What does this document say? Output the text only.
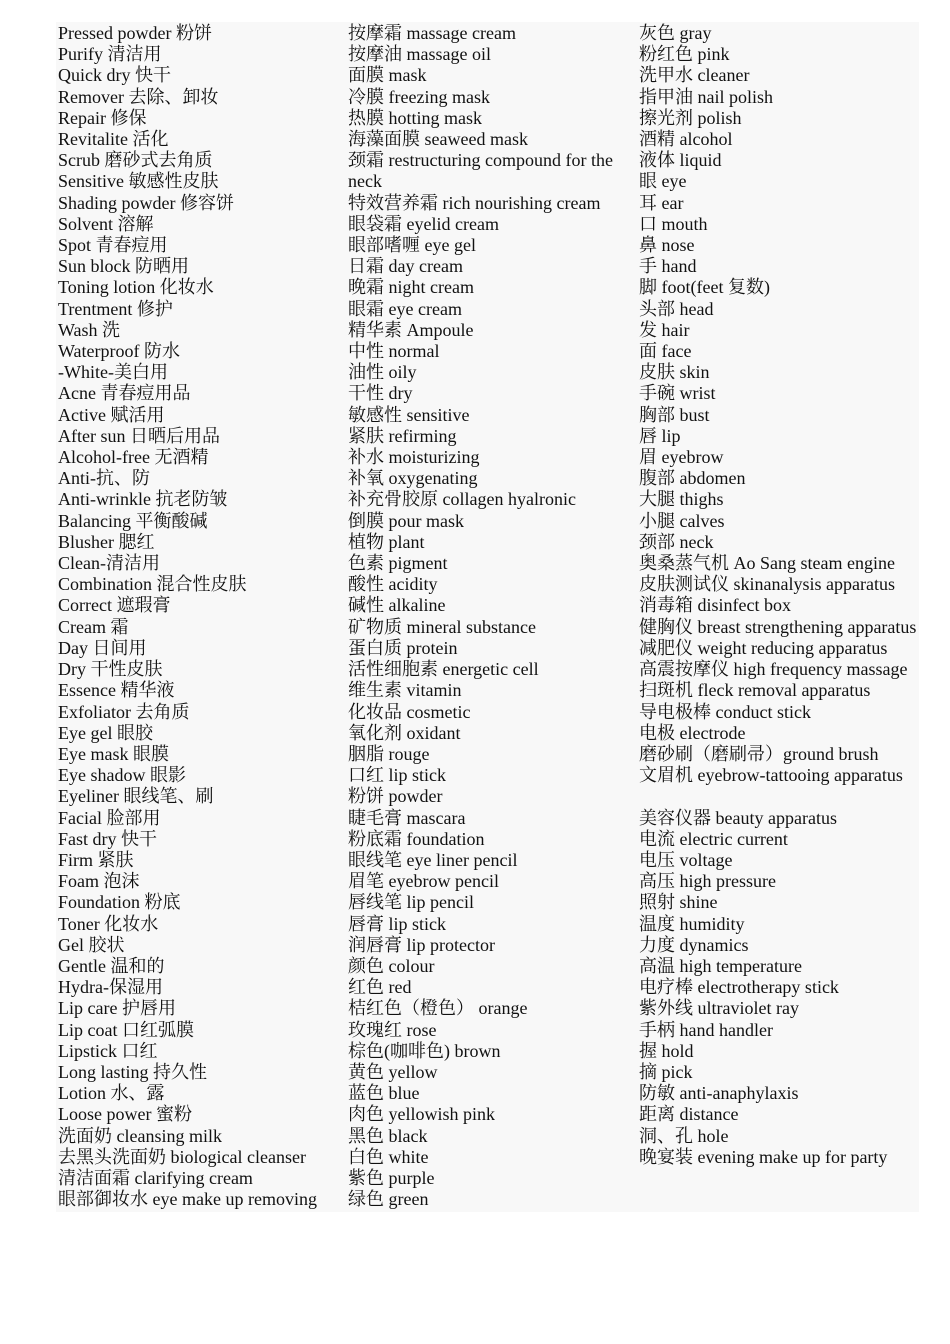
Pressed powder 粉饼
Purify 清洁用
Quick dry 快干
Remover 去除、卸妆
Repair 修保
Revitalite 活化
Scrub 磨砂式去角质
Sensitive 敏感性皮肤
Shading powder 修容饼
Solvent 溶解
Spot 青春痘用
Sun block 防晒用
Toning lotion 化妆水
Trentment 修护
Wash 洗
Waterproof 防水
-White-美白用
Acne 青春痘用品
Active 赋活用
After sun 日晒后用品
Alcohol-free 无酒精
Anti-抗、防
Anti-wrinkle 抗老防皱
Balancing 平衡酸碱
Blusher 腮红
Clean-清洁用
Combination 混合性皮肤
Correct 遮瑕膏
Cream 霜
Day 日间用
Dry 干性皮肤
Essence 精华液
Exfoliator 去角质
Eye gel 眼胶
Eye mask 眼膜
Eye shadow 眼影
Eyeliner 眼线笔、刷
Facial 脸部用
Fast dry 快干
Firm 紧肤
Foam 泡沫
Foundation 粉底
Toner 化妆水
Gel 胶状
Gentle 温和的
Hydra-保湿用
Lip care 护唇用
Lip coat 口红弧膜
Lipstick 口红
Long lasting 持久性
Lotion 水、露
Loose power 蜜粉
洗面奶 cleansing milk
去黑头洗面奶 biological cleanser
清洁面霜 clarifying cream
眼部御妆水 eye make up removing
按摩霜 massage cream
按摩油 massage oil
面膜 mask
冷膜 freezing mask
热膜 hotting mask
海藻面膜 seaweed mask
颈霜 restructuring compound for the neck
特效营养霜 rich nourishing cream
眼袋霜 eyelid cream
眼部嗜喱 eye gel
日霜 day cream
晚霜 night cream
眼霜 eye cream
精华素 Ampoule
中性 normal
油性 oily
干性 dry
敏感性 sensitive
紧肤 refirming
补水 moisturizing
补氧 oxygenating
补充骨胶原 collagen hyalronic
倒膜 pour mask
植物 plant
色素 pigment
酸性 acidity
碱性 alkaline
矿物质 mineral substance
蛋白质 protein
活性细胞素 energetic cell
维生素 vitamin
化妆品 cosmetic
氧化剂 oxidant
胭脂 rouge
口红 lip stick
粉饼 powder
睫毛膏 mascara
粉底霜 foundation
眼线笔 eye liner pencil
眉笔 eyebrow pencil
唇线笔 lip pencil
唇膏 lip stick
润唇膏 lip protector
颜色 colour
红色 red
桔红色（橙色） orange
玫瑰红 rose
棕色(咖啡色) brown
黄色 yellow
蓝色 blue
肉色 yellowish pink
黑色 black
白色 white
紫色 purple
绿色 green
灰色 gray
粉红色 pink
洗甲水 cleaner
指甲油 nail polish
擦光剂 polish
酒精 alcohol
液体 liquid
眼 eye
耳 ear
口 mouth
鼻 nose
手 hand
脚 foot(feet 复数)
头部 head
发 hair
面 face
皮肤 skin
手碗 wrist
胸部 bust
唇 lip
眉 eyebrow
腹部 abdomen
大腿 thighs
小腿 calves
颈部 neck
奥桑蒸气机 Ao Sang steam engine
皮肤测试仪 skinanalysis apparatus
消毒箱 disinfect box
健胸仪 breast strengthening apparatus
减肥仪 weight reducing apparatus
高震按摩仪 high frequency massage
扫斑机 fleck removal apparatus
导电极棒 conduct stick
电极 electrode
磨砂刷（磨刷帚）ground brush
文眉机 eyebrow-tattooing apparatus

美容仪器 beauty apparatus
电流 electric current
电压 voltage
高压 high pressure
照射 shine
温度 humidity
力度 dynamics
高温 high temperature
电疗棒 electrotherapy stick
紫外线 ultraviolet ray
手柄 hand handler
握 hold
摘 pick
防敏 anti-anaphylaxis
距离 distance
洞、孔 hole
晚宴装 evening make up for party
